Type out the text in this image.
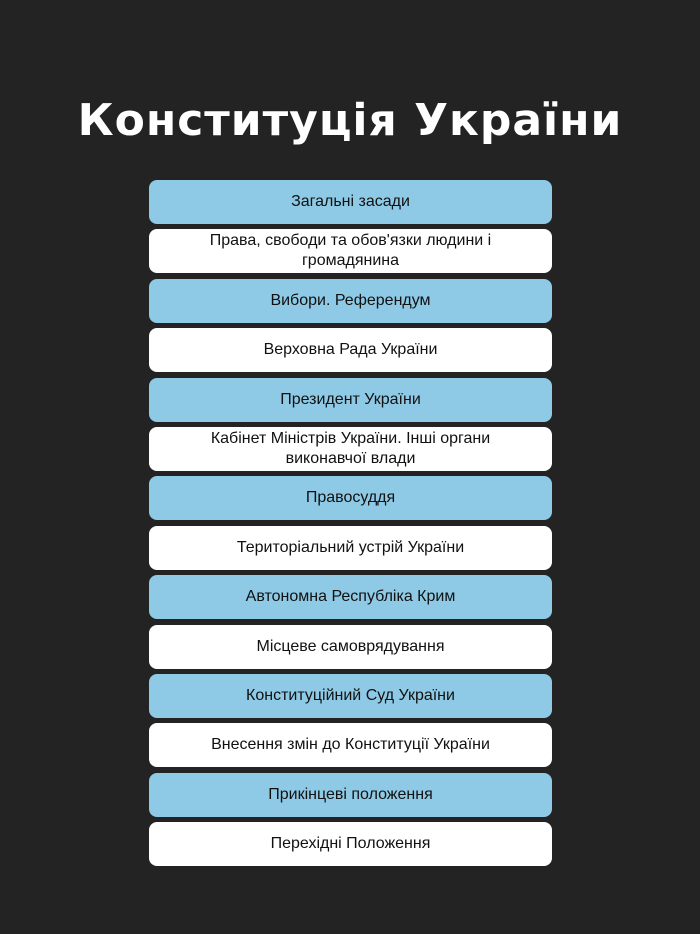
Конституція України
Загальні засади
Права, свободи та обов'язки людини і громадянина
Вибори. Референдум
Верховна Рада України
Президент України
Кабінет Міністрів України. Інші органи виконавчої влади
Правосуддя
Територіальний устрій України
Автономна Республіка Крим
Місцеве самоврядування
Конституційний Суд України
Внесення змін до Конституції України
Прикінцеві положення
Перехідні Положення
